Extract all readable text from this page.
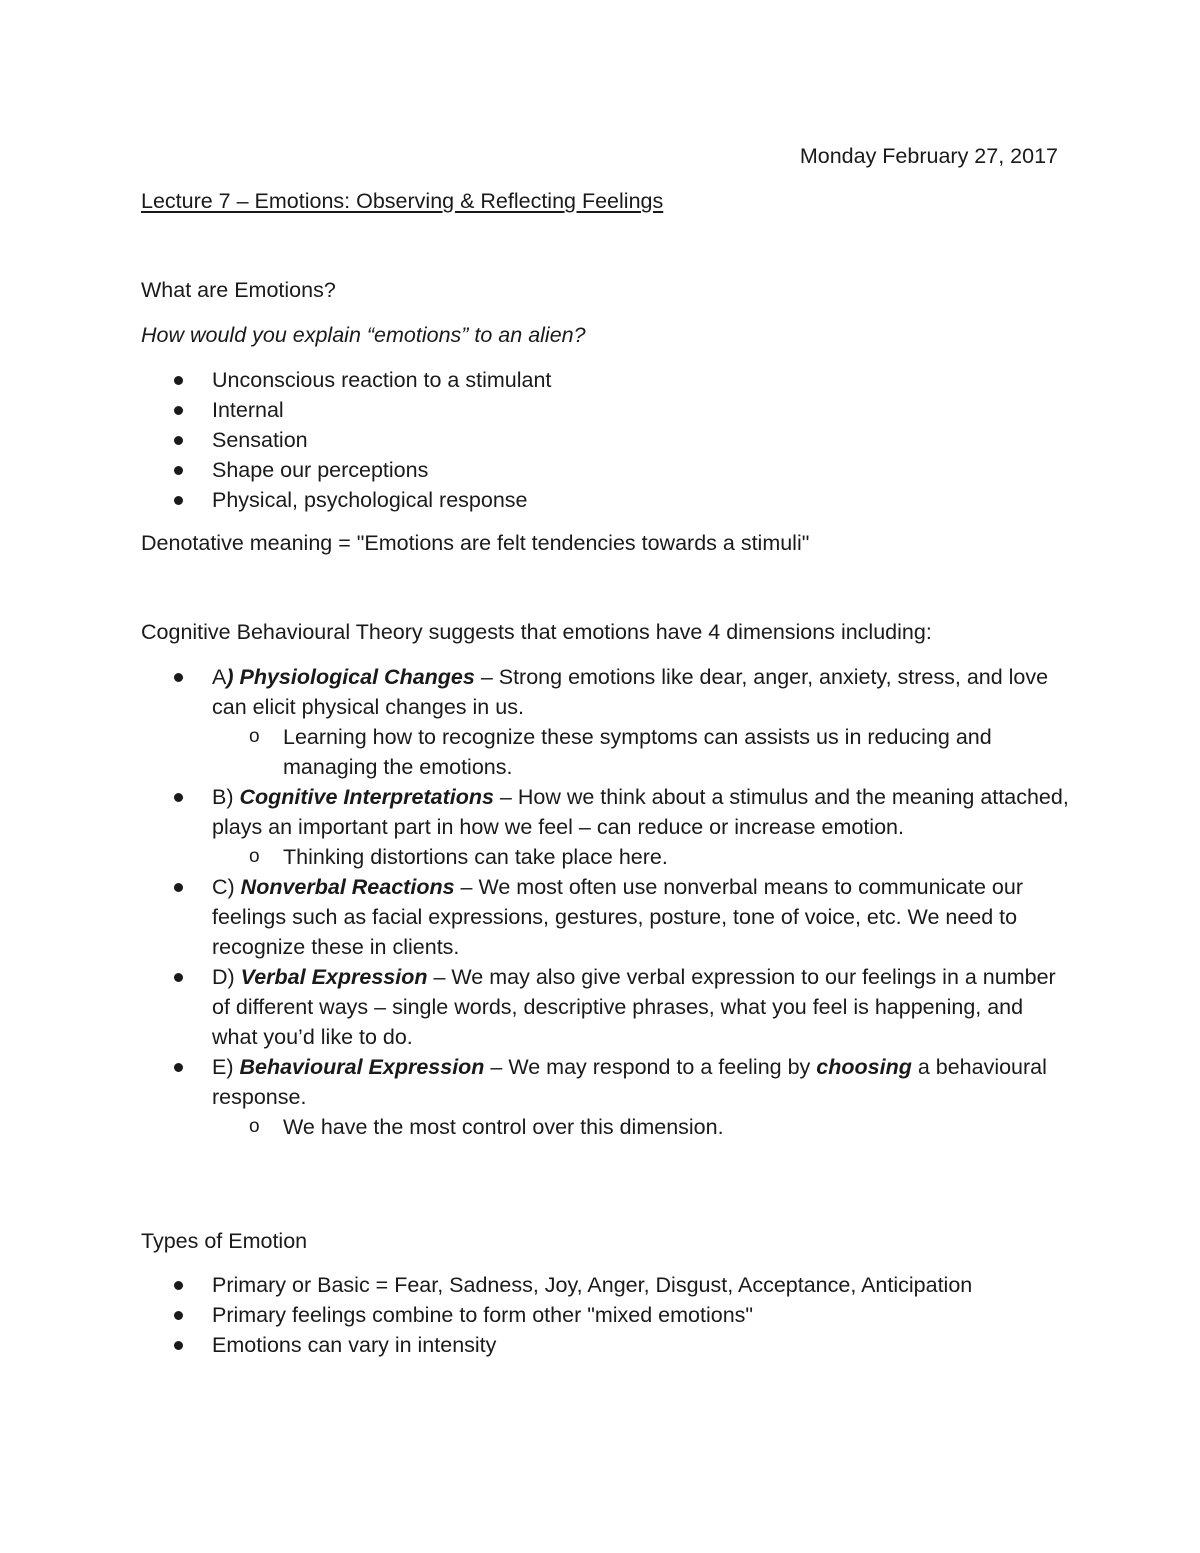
Monday February 27, 2017
Lecture 7 – Emotions: Observing & Reflecting Feelings
What are Emotions?
How would you explain “emotions” to an alien?
Unconscious reaction to a stimulant
Internal
Sensation
Shape our perceptions
Physical, psychological response
Denotative meaning = "Emotions are felt tendencies towards a stimuli"
Cognitive Behavioural Theory suggests that emotions have 4 dimensions including:
A) Physiological Changes – Strong emotions like dear, anger, anxiety, stress, and love can elicit physical changes in us.
o Learning how to recognize these symptoms can assists us in reducing and managing the emotions.
B) Cognitive Interpretations – How we think about a stimulus and the meaning attached, plays an important part in how we feel – can reduce or increase emotion.
o Thinking distortions can take place here.
C) Nonverbal Reactions – We most often use nonverbal means to communicate our feelings such as facial expressions, gestures, posture, tone of voice, etc. We need to recognize these in clients.
D) Verbal Expression – We may also give verbal expression to our feelings in a number of different ways – single words, descriptive phrases, what you feel is happening, and what you’d like to do.
E) Behavioural Expression – We may respond to a feeling by choosing a behavioural response.
o We have the most control over this dimension.
Types of Emotion
Primary or Basic = Fear, Sadness, Joy, Anger, Disgust, Acceptance, Anticipation
Primary feelings combine to form other "mixed emotions"
Emotions can vary in intensity
